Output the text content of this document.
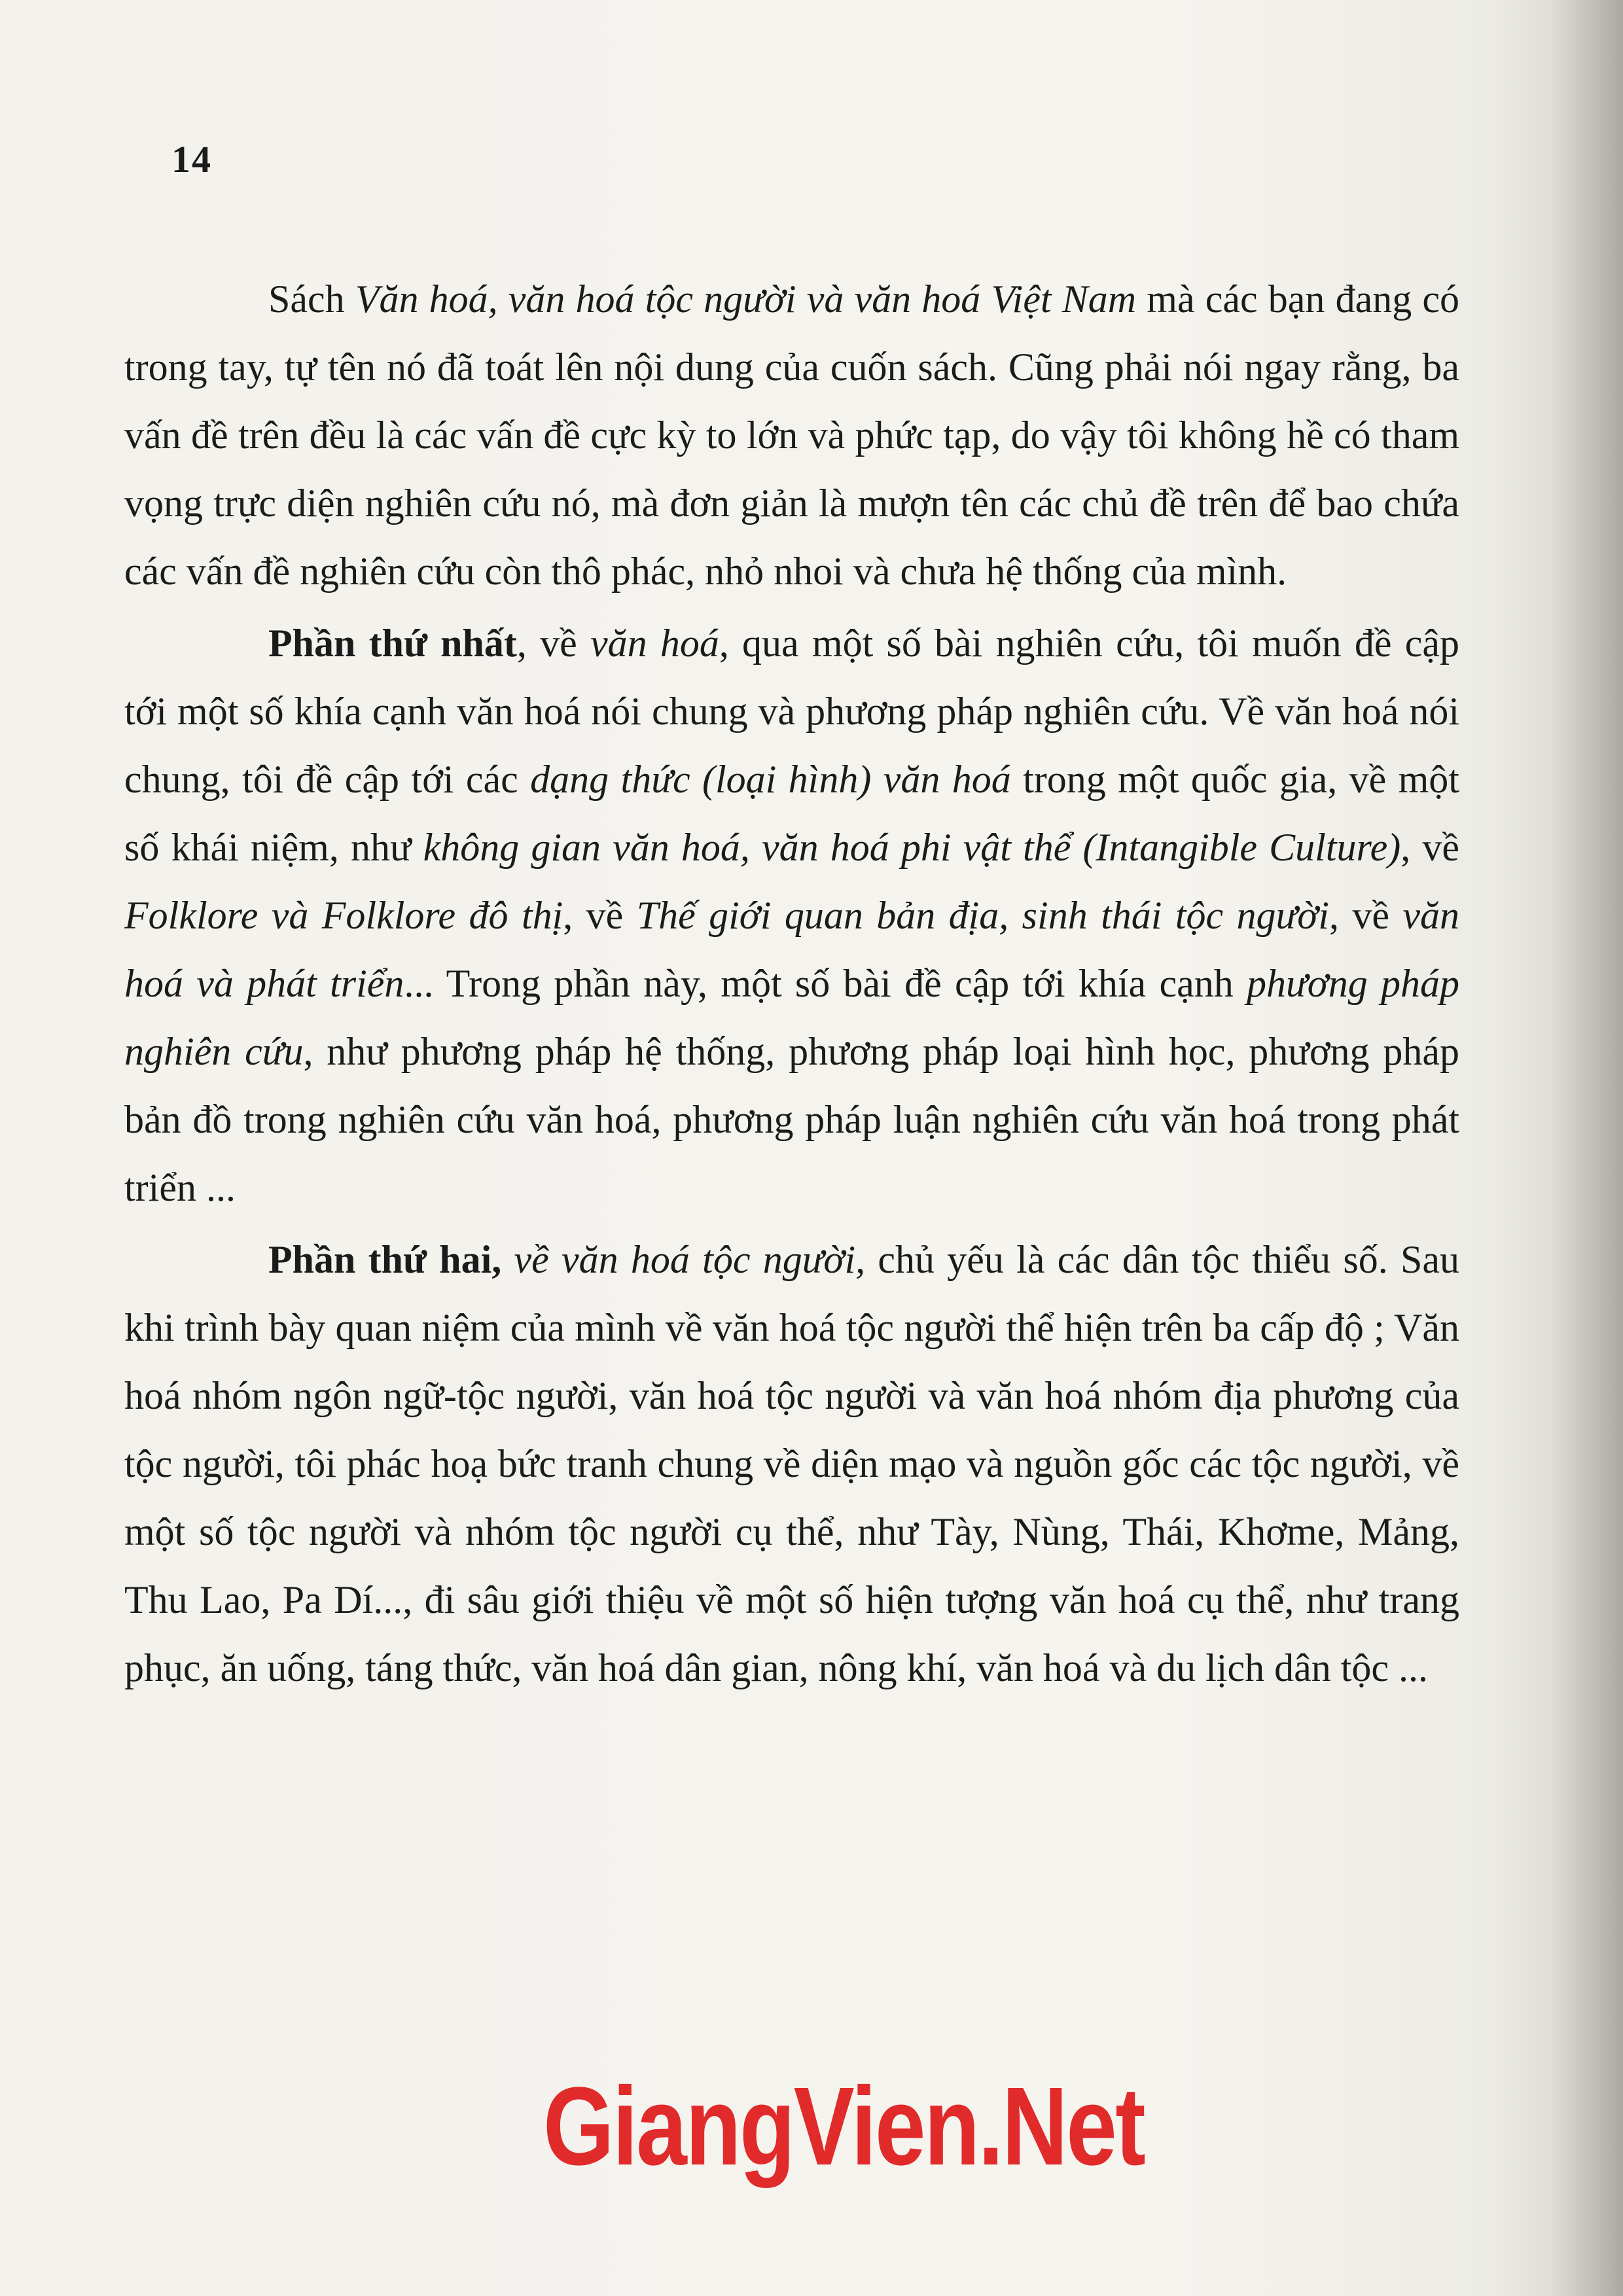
14

Sách Văn hoá, văn hoá tộc người và văn hoá Việt Nam mà các bạn đang có trong tay, tự tên nó đã toát lên nội dung của cuốn sách. Cũng phải nói ngay rằng, ba vấn đề trên đều là các vấn đề cực kỳ to lớn và phức tạp, do vậy tôi không hề có tham vọng trực diện nghiên cứu nó, mà đơn giản là mượn tên các chủ đề trên để bao chứa các vấn đề nghiên cứu còn thô phác, nhỏ nhoi và chưa hệ thống của mình.

Phần thứ nhất, về văn hoá, qua một số bài nghiên cứu, tôi muốn đề cập tới một số khía cạnh văn hoá nói chung và phương pháp nghiên cứu. Về văn hoá nói chung, tôi đề cập tới các dạng thức (loại hình) văn hoá trong một quốc gia, về một số khái niệm, như không gian văn hoá, văn hoá phi vật thể (Intangible Culture), về Folklore và Folklore đô thị, về Thế giới quan bản địa, sinh thái tộc người, về văn hoá và phát triển... Trong phần này, một số bài đề cập tới khía cạnh phương pháp nghiên cứu, như phương pháp hệ thống, phương pháp loại hình học, phương pháp bản đồ trong nghiên cứu văn hoá, phương pháp luận nghiên cứu văn hoá trong phát triển ...

Phần thứ hai, về văn hoá tộc người, chủ yếu là các dân tộc thiểu số. Sau khi trình bày quan niệm của mình về văn hoá tộc người thể hiện trên ba cấp độ ; Văn hoá nhóm ngôn ngữ-tộc người, văn hoá tộc người và văn hoá nhóm địa phương của tộc người, tôi phác hoạ bức tranh chung về diện mạo và nguồn gốc các tộc người, về một số tộc người và nhóm tộc người cụ thể, như Tày, Nùng, Thái, Khơme, Mảng, Thu Lao, Pa Dí..., đi sâu giới thiệu về một số hiện tượng văn hoá cụ thể, như trang phục, ăn uống, táng thức, văn hoá dân gian, nông khí, văn hoá và du lịch dân tộc ...

GiangVien.Net
